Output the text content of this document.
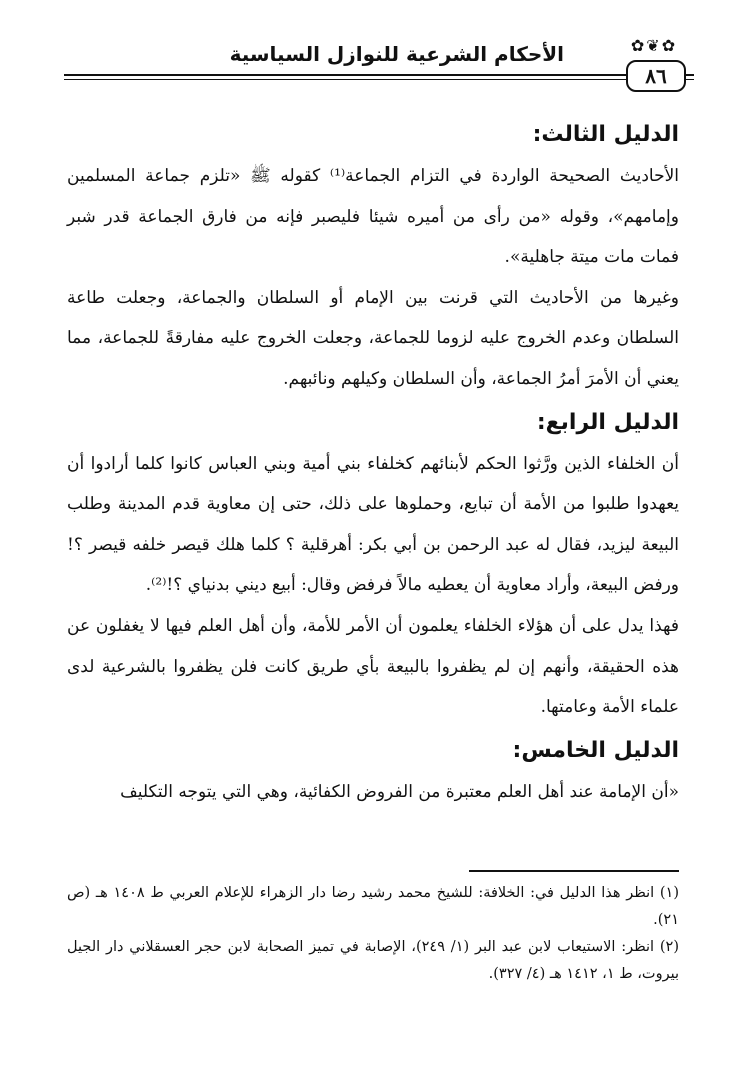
✿❦✿
الأحكام الشرعية للنوازل السياسية
٨٦
الدليل الثالث:

الأحاديث الصحيحة الواردة في التزام الجماعة⁽¹⁾ كقوله ﷺ «تلزم جماعة المسلمين وإمامهم»، وقوله «من رأى من أميره شيئا فليصبر فإنه من فارق الجماعة قدر شبر فمات مات ميتة جاهلية».

وغيرها من الأحاديث التي قرنت بين الإمام أو السلطان والجماعة، وجعلت طاعة السلطان وعدم الخروج عليه لزوما للجماعة، وجعلت الخروج عليه مفارقةً للجماعة، مما يعني أن الأمرَ أمرُ الجماعة، وأن السلطان وكيلهم ونائبهم.

الدليل الرابع:

أن الخلفاء الذين ورَّثوا الحكم لأبنائهم كخلفاء بني أمية وبني العباس كانوا كلما أرادوا أن يعهدوا طلبوا من الأمة أن تبايع، وحملوها على ذلك، حتى إن معاوية قدم المدينة وطلب البيعة ليزيد، فقال له عبد الرحمن بن أبي بكر: أهرقلية ؟ كلما هلك قيصر خلفه قيصر ؟! ورفض البيعة، وأراد معاوية أن يعطيه مالاً فرفض وقال: أبيع ديني بدنياي ؟!⁽²⁾.

فهذا يدل على أن هؤلاء الخلفاء يعلمون أن الأمر للأمة، وأن أهل العلم فيها لا يغفلون عن هذه الحقيقة، وأنهم إن لم يظفروا بالبيعة بأي طريق كانت فلن يظفروا بالشرعية لدى علماء الأمة وعامتها.

الدليل الخامس:

«أن الإمامة عند أهل العلم معتبرة من الفروض الكفائية، وهي التي يتوجه التكليف

(١) انظر هذا الدليل في: الخلافة: للشيخ محمد رشيد رضا دار الزهراء للإعلام العربي ط ١٤٠٨ هـ (ص ٢١).

(٢) انظر: الاستيعاب لابن عبد البر (١/ ٢٤٩)، الإصابة في تميز الصحابة لابن حجر العسقلاني دار الجيل بيروت، ط ١، ١٤١٢ هـ (٤/ ٣٢٧).
